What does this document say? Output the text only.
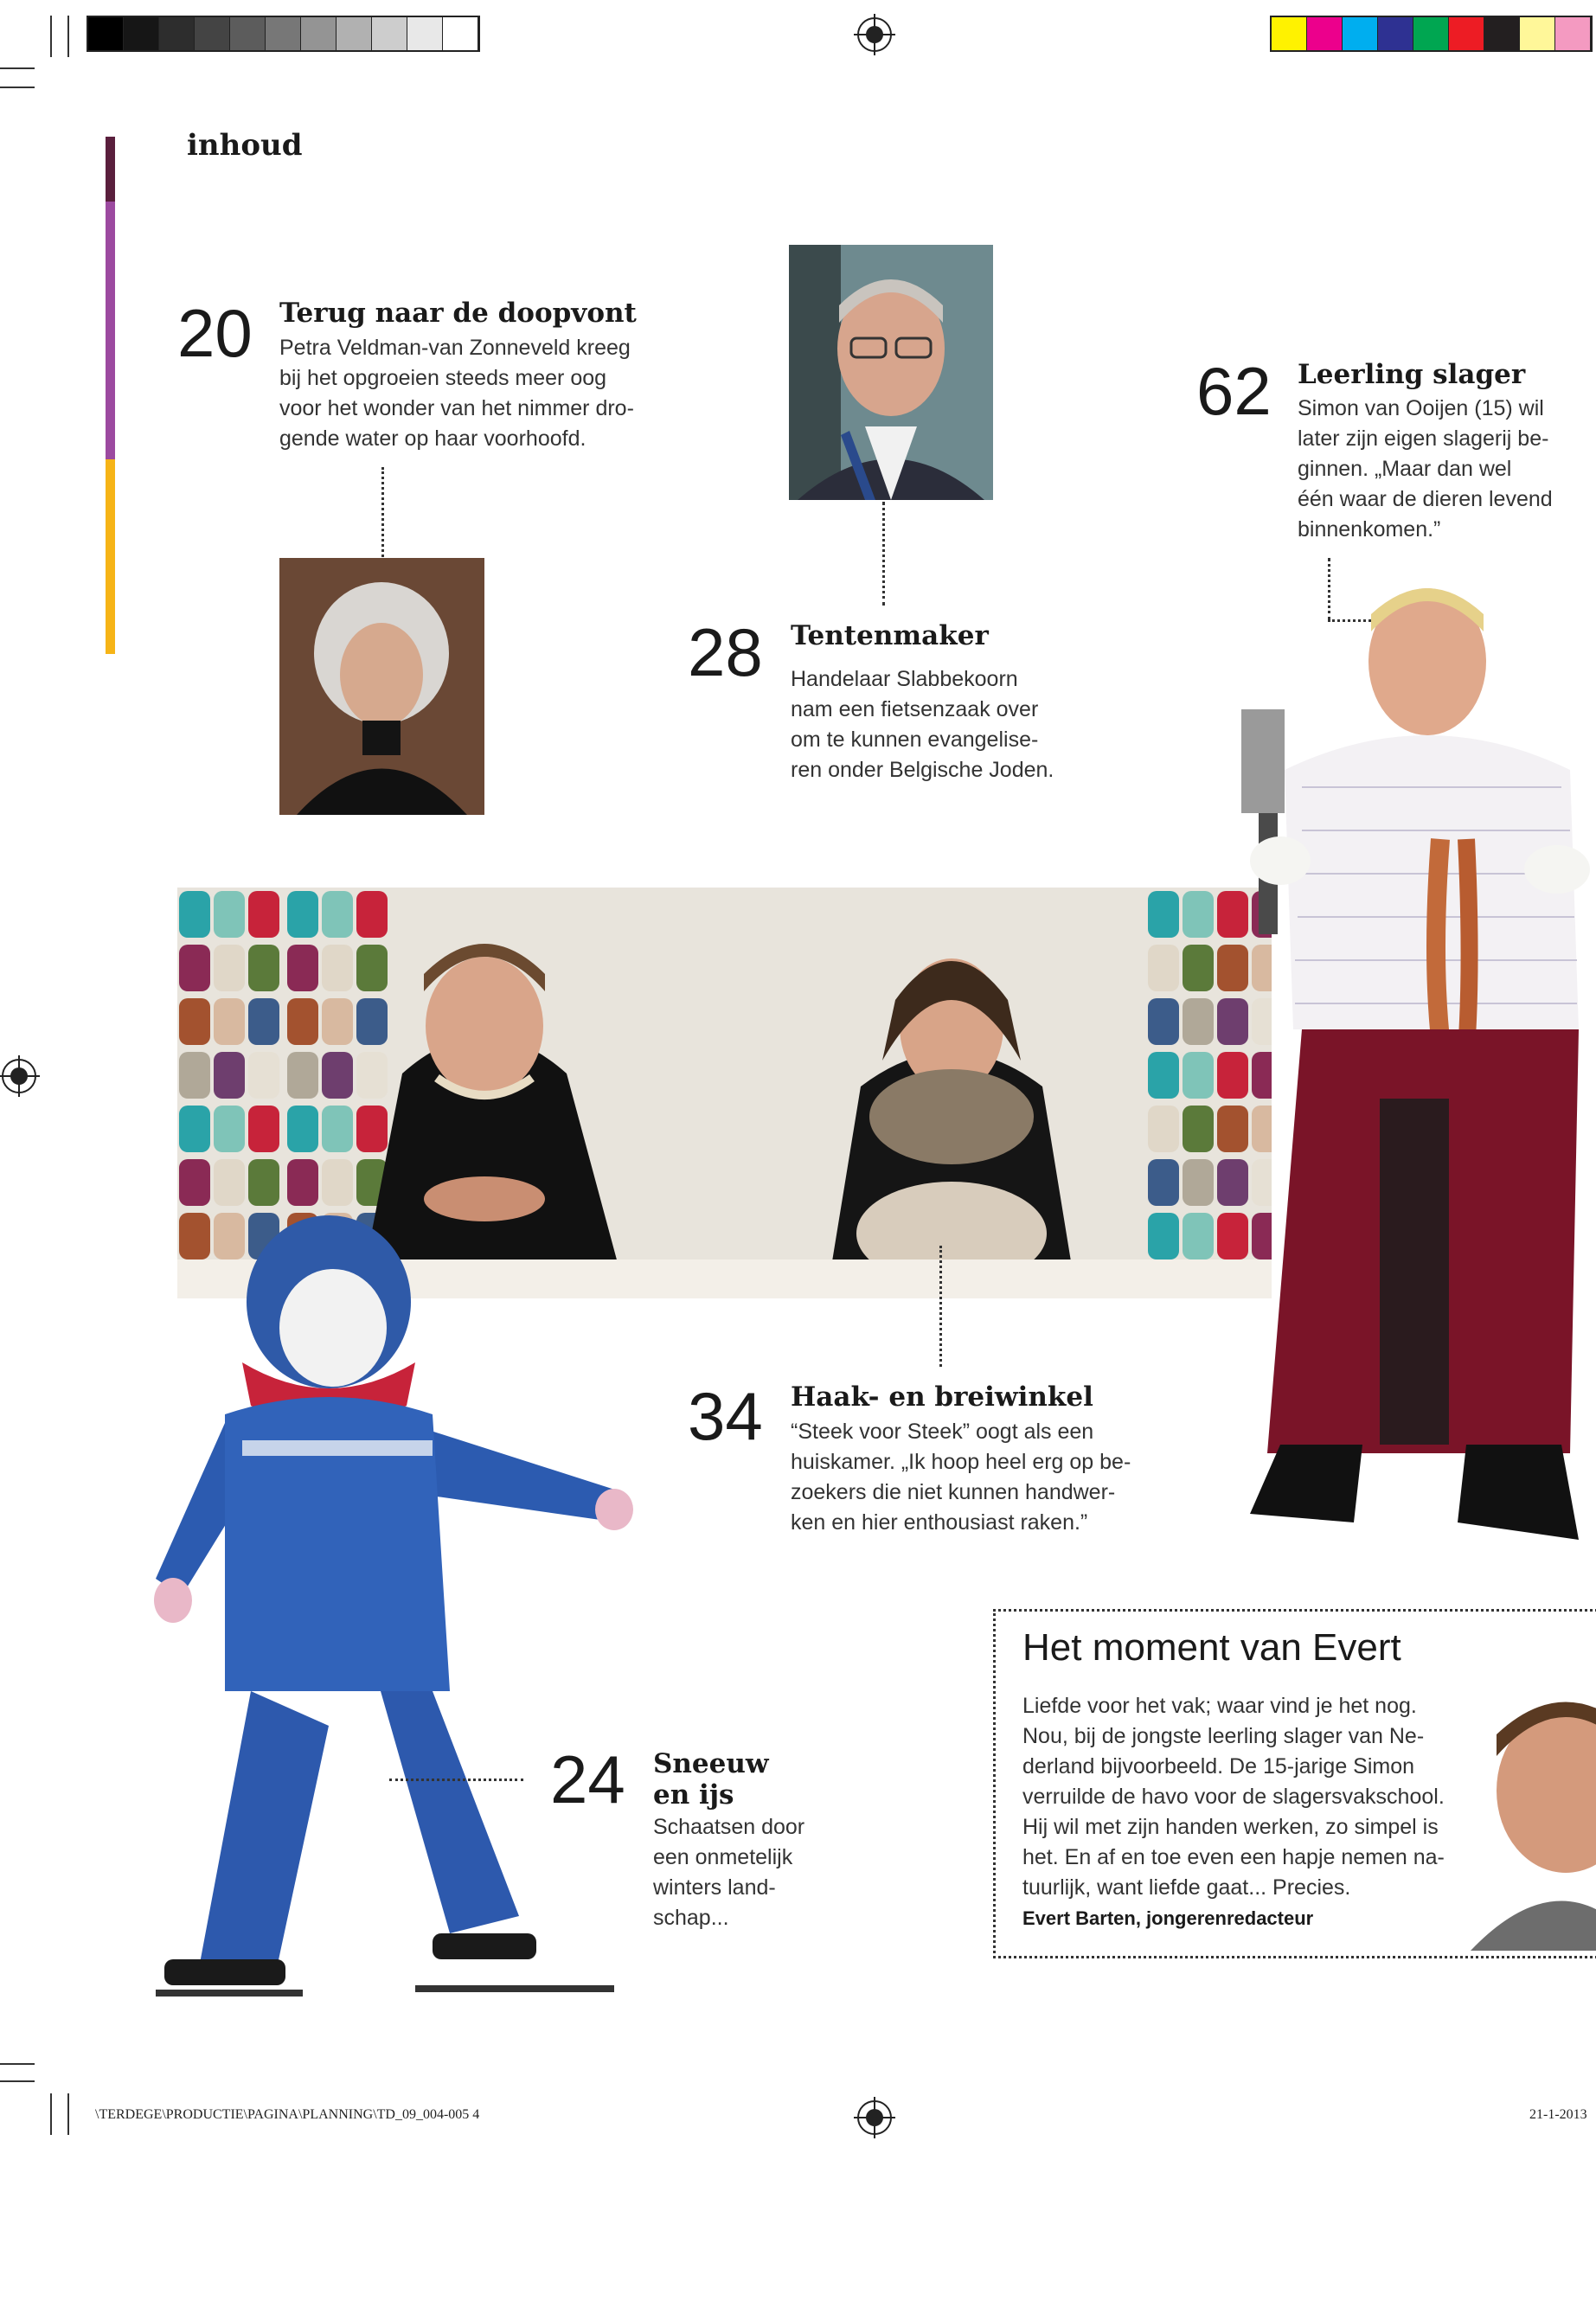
inhoud
20 Terug naar de doopvont
Petra Veldman-van Zonneveld kreeg
bij het opgroeien steeds meer oog
voor het wonder van het nimmer dro-
gende water op haar voorhoofd.
28 Tentenmaker
Handelaar Slabbekoorn
nam een fietsenzaak over
om te kunnen evangelise-
ren onder Belgische Joden.
62 Leerling slager
Simon van Ooijen (15) wil
later zijn eigen slagerij be-
ginnen. „Maar dan wel
één waar de dieren levend
binnenkomen.”
34 Haak- en breiwinkel
“Steek voor Steek” oogt als een
huiskamer. „Ik hoop heel erg op be-
zoekers die niet kunnen handwer-
ken en hier enthousiast raken.”
24 Sneeuw
en ijs
Schaatsen door
een onmetelijk
winters land-
schap...
Het moment van Evert
Liefde voor het vak; waar vind je het nog.
Nou, bij de jongste leerling slager van Ne-
derland bijvoorbeeld. De 15-jarige Simon
verruilde de havo voor de slagersvakschool.
Hij wil met zijn handen werken, zo simpel is
het. En af en toe even een hapje nemen na-
tuurlijk, want liefde gaat... Precies.
Evert Barten, jongerenredacteur
\TERDEGE\PRODUCTIE\PAGINA\PLANNING\TD_09_004-005 4	21-1-2013
